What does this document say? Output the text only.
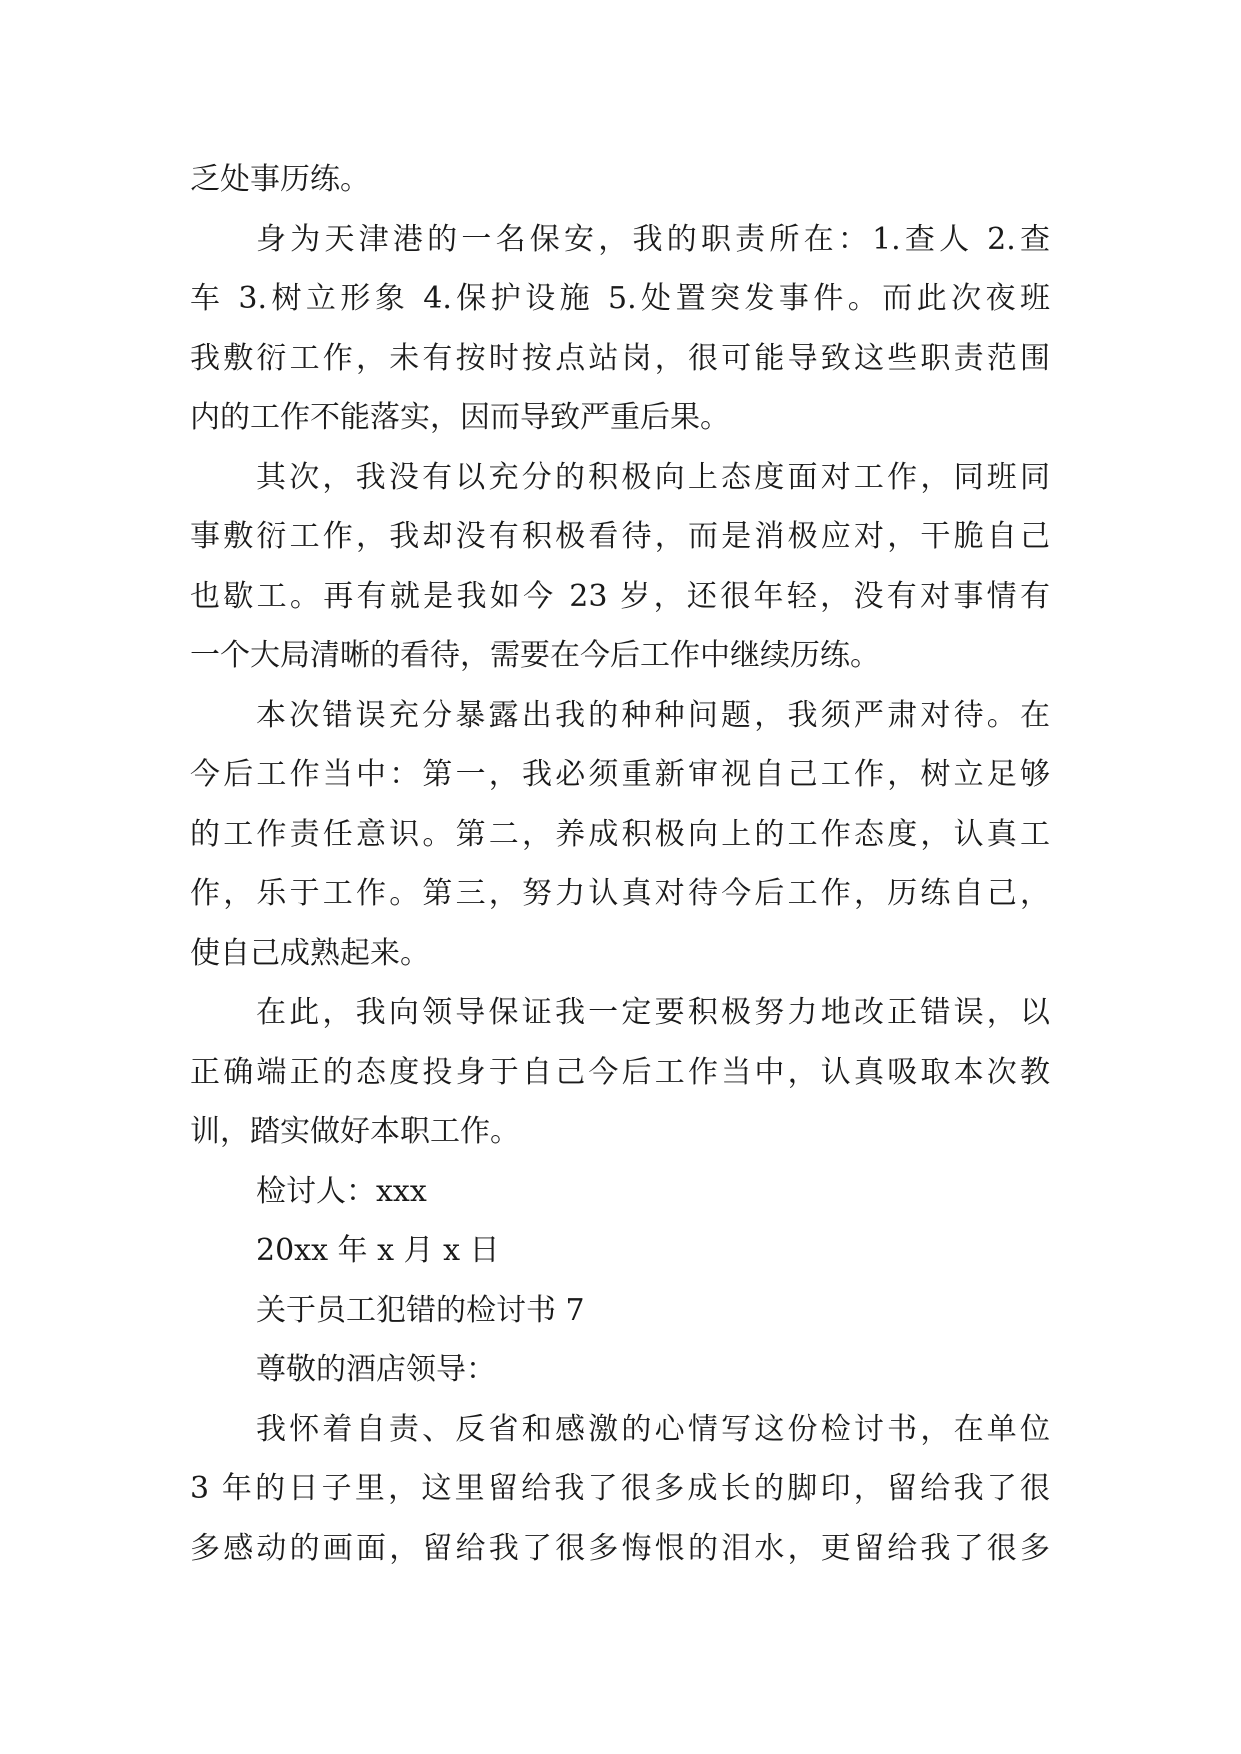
乏处事历练。
身为天津港的一名保安，我的职责所在：1.查人 2.查
车 3.树立形象 4.保护设施 5.处置突发事件。而此次夜班
我敷衍工作，未有按时按点站岗，很可能导致这些职责范围
内的工作不能落实，因而导致严重后果。
其次，我没有以充分的积极向上态度面对工作，同班同
事敷衍工作，我却没有积极看待，而是消极应对，干脆自己
也歇工。再有就是我如今 23 岁，还很年轻，没有对事情有
一个大局清晰的看待，需要在今后工作中继续历练。
本次错误充分暴露出我的种种问题，我须严肃对待。在
今后工作当中：第一，我必须重新审视自己工作，树立足够
的工作责任意识。第二，养成积极向上的工作态度，认真工
作，乐于工作。第三，努力认真对待今后工作，历练自己，
使自己成熟起来。
在此，我向领导保证我一定要积极努力地改正错误，以
正确端正的态度投身于自己今后工作当中，认真吸取本次教
训，踏实做好本职工作。
检讨人：xxx
20xx 年 x 月 x 日
关于员工犯错的检讨书 7
尊敬的酒店领导：
我怀着自责、反省和感激的心情写这份检讨书，在单位
3 年的日子里，这里留给我了很多成长的脚印，留给我了很
多感动的画面，留给我了很多悔恨的泪水，更留给我了很多
